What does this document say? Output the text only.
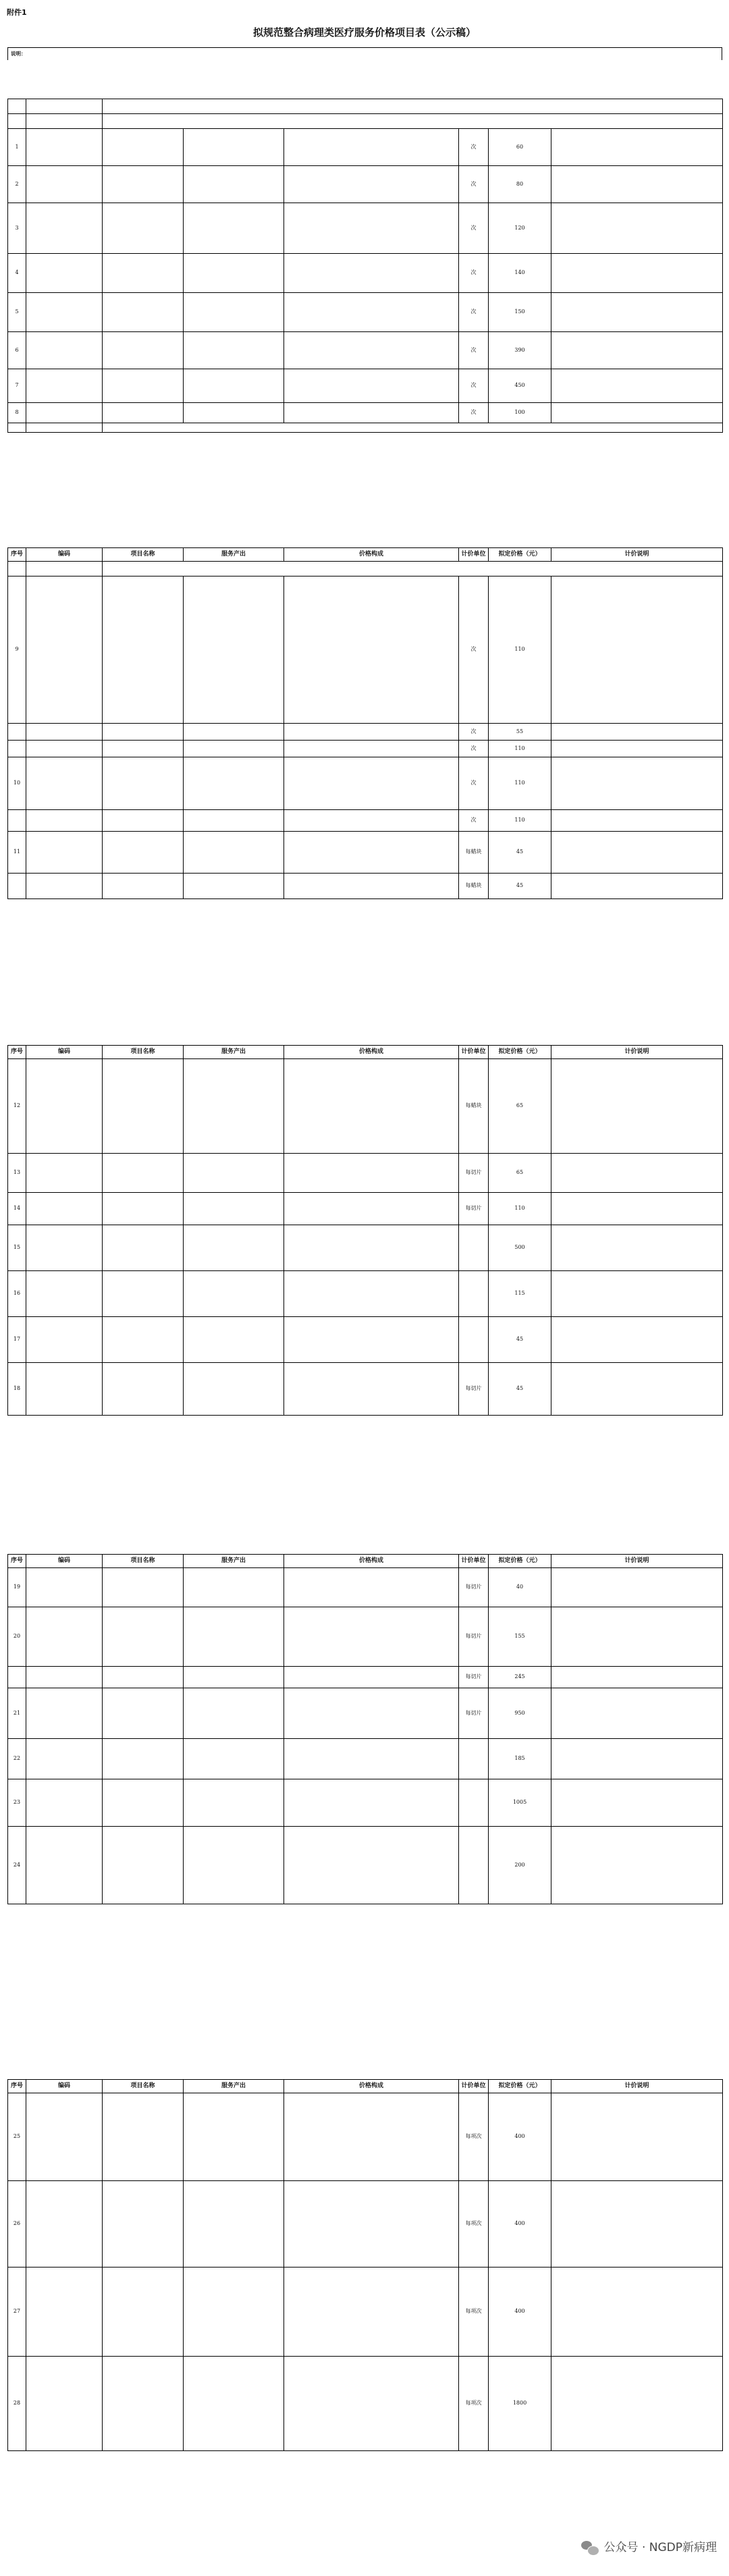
附件1
拟规范整合病理类医疗服务价格项目表（公示稿）
说明：

1					次	60	
2					次	80	
3					次	120	
4					次	140	
5					次	150	
6					次	390	
7					次	450	
8					次	100	

序号	编码	项目名称	服务产出	价格构成	计价单位	拟定价格（元）	计价说明

9					次	110	
					次	55	
					次	110	
10					次	110	
					次	110	
11					每蜡块	45	
					每蜡块	45	
序号	编码	项目名称	服务产出	价格构成	计价单位	拟定价格（元）	计价说明
12					每蜡块	65	
13					每切片	65	
14					每切片	110	
15						500	
16						115	
17						45	
18					每切片	45	
序号	编码	项目名称	服务产出	价格构成	计价单位	拟定价格（元）	计价说明
19					每切片	40	
20					每切片	155	
					每切片	245	
21					每切片	950	
22						185	
23						1005	
24						200	
序号	编码	项目名称	服务产出	价格构成	计价单位	拟定价格（元）	计价说明
25					每项次	400	
26					每项次	400	
27					每项次	400	
28					每项次	1800	
公众号 · NGDP新病理
